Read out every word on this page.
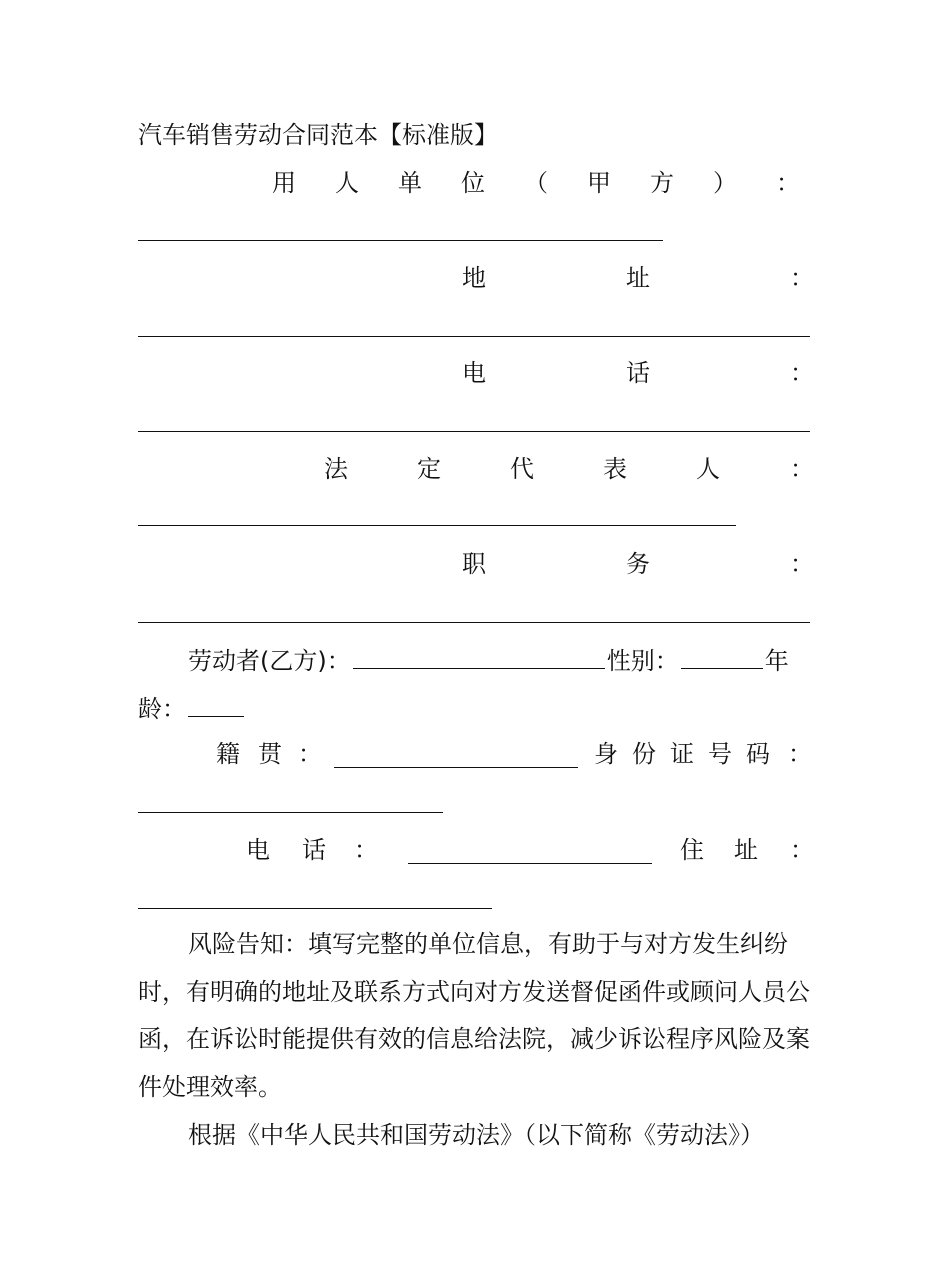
汽车销售劳动合同范本【标准版】
用 人 单 位 （ 甲 方 ） ：
地	址	：
电	话	：
法	定	代	表	人	：
职	务	：
劳动者(乙方)：	性别：	年
龄：
籍 贯 ：	身 份 证 号 码 ：
电 话 ：	住 址 ：
风险告知：填写完整的单位信息，有助于与对方发生纠纷时，有明确的地址及联系方式向对方发送督促函件或顾问人员公函，在诉讼时能提供有效的信息给法院，减少诉讼程序风险及案件处理效率。
根据《中华人民共和国劳动法》（以下简称《劳动法》）
